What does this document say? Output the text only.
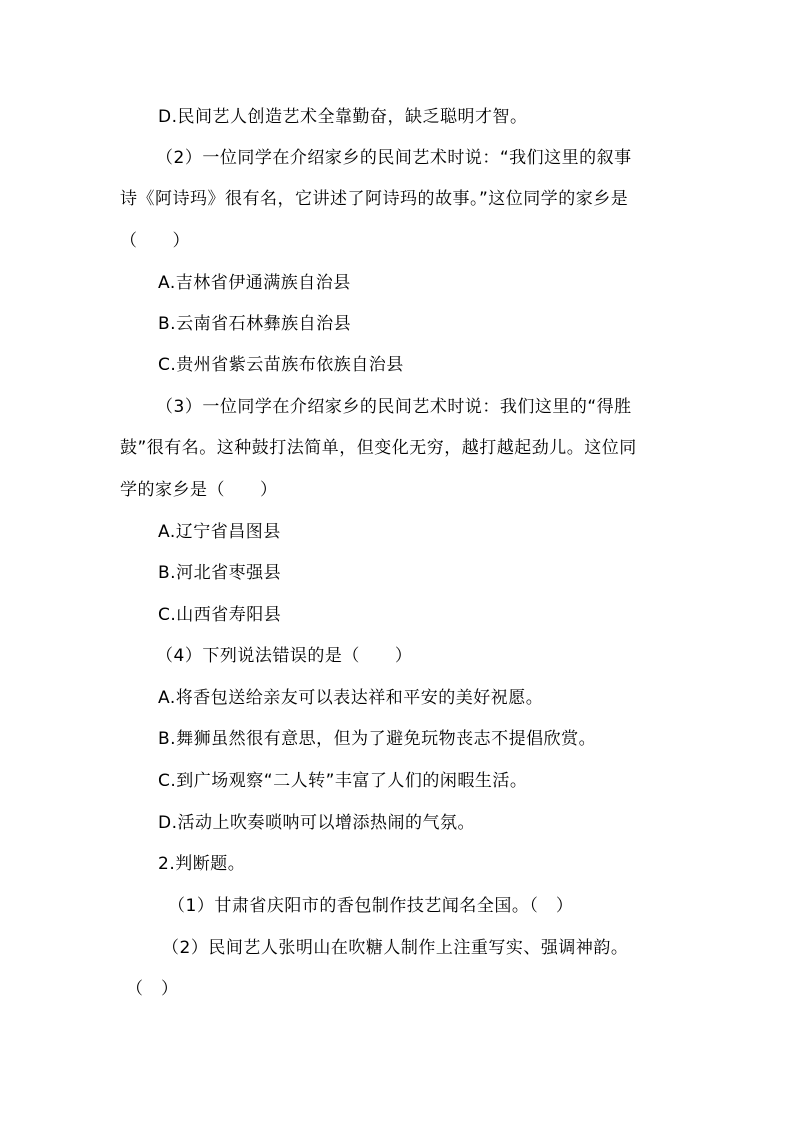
D.民间艺人创造艺术全靠勤奋，缺乏聪明才智。
（2）一位同学在介绍家乡的民间艺术时说：“我们这里的叙事
诗《阿诗玛》很有名，它讲述了阿诗玛的故事。”这位同学的家乡是
（　　）
A.吉林省伊通满族自治县
B.云南省石林彝族自治县
C.贵州省紫云苗族布依族自治县
（3）一位同学在介绍家乡的民间艺术时说：我们这里的“得胜
鼓”很有名。这种鼓打法简单，但变化无穷，越打越起劲儿。这位同
学的家乡是（　　）
A.辽宁省昌图县
B.河北省枣强县
C.山西省寿阳县
（4）下列说法错误的是（　　）
A.将香包送给亲友可以表达祥和平安的美好祝愿。
B.舞狮虽然很有意思，但为了避免玩物丧志不提倡欣赏。
C.到广场观察“二人转”丰富了人们的闲暇生活。
D.活动上吹奏唢呐可以增添热闹的气氛。
2.判断题。
（1）甘肃省庆阳市的香包制作技艺闻名全国。（　）
（2）民间艺人张明山在吹糖人制作上注重写实、强调神韵。
（　）
